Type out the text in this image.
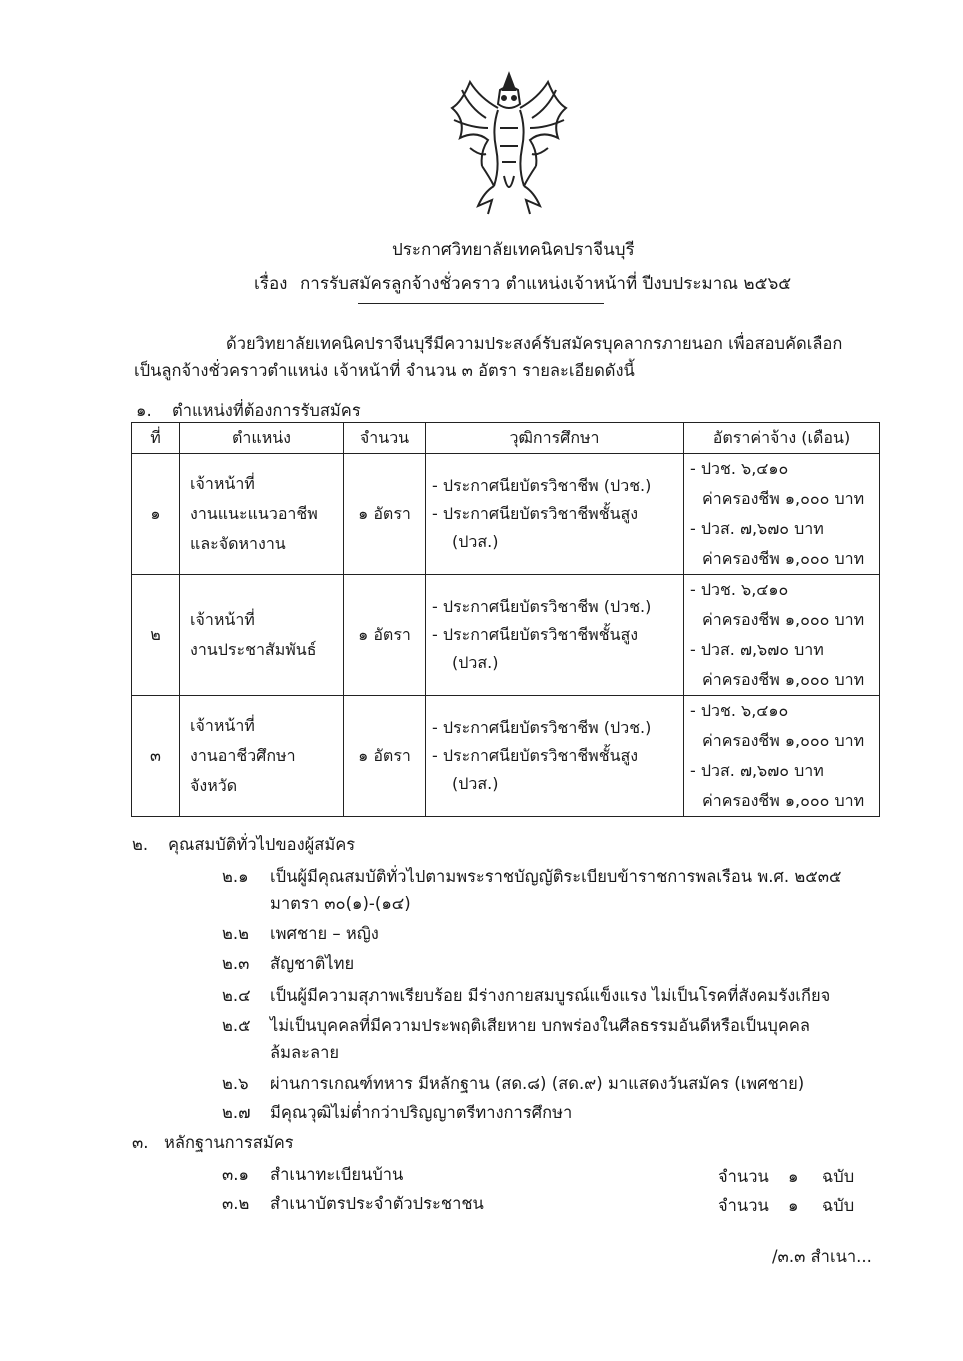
ประกาศวิทยาลัยเทคนิคปราจีนบุรี
เรื่อง การรับสมัครลูกจ้างชั่วคราว ตำแหน่งเจ้าหน้าที่ ปีงบประมาณ ๒๕๖๕
ด้วยวิทยาลัยเทคนิคปราจีนบุรีมีความประสงค์รับสมัครบุคลากรภายนอก เพื่อสอบคัดเลือก
เป็นลูกจ้างชั่วคราวตำแหน่ง เจ้าหน้าที่ จำนวน ๓ อัตรา รายละเอียดดังนี้
๑. ตำแหน่งที่ต้องการรับสมัคร
ที่	ตำแหน่ง	จำนวน	วุฒิการศึกษา	อัตราค่าจ้าง (เดือน)
๑	เจ้าหน้าที่
งานแนะแนวอาชีพ
และจัดหางาน	๑ อัตรา	- ประกาศนียบัตรวิชาชีพ (ปวช.)
- ประกาศนียบัตรวิชาชีพชั้นสูง
(ปวส.)	- ปวช. ๖,๔๑๐
ค่าครองชีพ ๑,๐๐๐ บาท
- ปวส. ๗,๖๗๐ บาท
ค่าครองชีพ ๑,๐๐๐ บาท

๒	เจ้าหน้าที่
งานประชาสัมพันธ์	๑ อัตรา	- ประกาศนียบัตรวิชาชีพ (ปวช.)
- ประกาศนียบัตรวิชาชีพชั้นสูง
(ปวส.)	- ปวช. ๖,๔๑๐
ค่าครองชีพ ๑,๐๐๐ บาท
- ปวส. ๗,๖๗๐ บาท
ค่าครองชีพ ๑,๐๐๐ บาท

๓	เจ้าหน้าที่
งานอาชีวศึกษา
จังหวัด	๑ อัตรา	- ประกาศนียบัตรวิชาชีพ (ปวช.)
- ประกาศนียบัตรวิชาชีพชั้นสูง
(ปวส.)	- ปวช. ๖,๔๑๐
ค่าครองชีพ ๑,๐๐๐ บาท
- ปวส. ๗,๖๗๐ บาท
ค่าครองชีพ ๑,๐๐๐ บาท
๒. คุณสมบัติทั่วไปของผู้สมัคร
๒.๑ เป็นผู้มีคุณสมบัติทั่วไปตามพระราชบัญญัติระเบียบข้าราชการพลเรือน พ.ศ. ๒๕๓๕
มาตรา ๓๐(๑)-(๑๔)
๒.๒ เพศชาย – หญิง
๒.๓ สัญชาติไทย
๒.๔ เป็นผู้มีความสุภาพเรียบร้อย มีร่างกายสมบูรณ์แข็งแรง ไม่เป็นโรคที่สังคมรังเกียจ
๒.๕ ไม่เป็นบุคคลที่มีความประพฤติเสียหาย บกพร่องในศีลธรรมอันดีหรือเป็นบุคคล
ล้มละลาย
๒.๖ ผ่านการเกณฑ์ทหาร มีหลักฐาน (สด.๘) (สด.๙) มาแสดงวันสมัคร (เพศชาย)
๒.๗ มีคุณวุฒิไม่ต่ำกว่าปริญญาตรีทางการศึกษา
๓. หลักฐานการสมัคร
๓.๑ สำเนาทะเบียนบ้าน	จำนวน ๑ ฉบับ
๓.๒ สำเนาบัตรประจำตัวประชาชน	จำนวน ๑ ฉบับ
/๓.๓ สำเนา...
